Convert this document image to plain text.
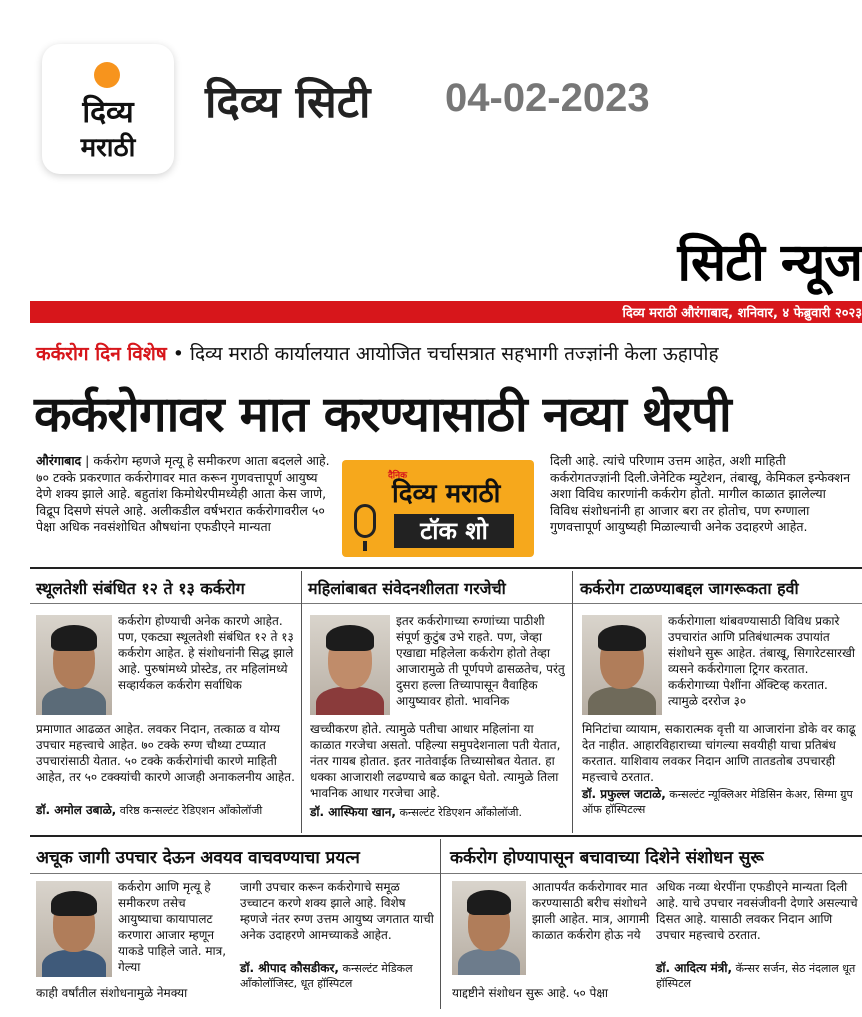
दिव्य
मराठी
दिव्य सिटी 04-02-2023
सिटी न्यूज
दिव्य मराठी औरंगाबाद, शनिवार, ४ फेब्रुवारी २०२३
कर्करोग दिन विशेष • दिव्य मराठी कार्यालयात आयोजित चर्चासत्रात सहभागी तज्ज्ञांनी केला ऊहापोह
कर्करोगावर मात करण्यासाठी नव्या थेरपी
औरंगाबाद | कर्करोग म्हणजे मृत्यू हे समीकरण आता बदलले आहे. ७० टक्के प्रकरणात कर्करोगावर मात करून गुणवत्तापूर्ण आयुष्य देणे शक्य झाले आहे. बहुतांश किमोथेरपीमध्येही आता केस जाणे, विद्रूप दिसणे संपले आहे. अलीकडील वर्षभरात कर्करोगावरील ५० पेक्षा अधिक नवसंशोधित औषधांना एफडीएने मान्यता
दैनिक
दिव्य मराठी
टॉक शो
दिली आहे. त्यांचे परिणाम उत्तम आहेत, अशी माहिती कर्करोगतज्ज्ञांनी दिली.जेनेटिक म्युटेशन, तंबाखू, केमिकल इन्फेक्शन अशा विविध कारणांनी कर्करोग होतो. मागील काळात झालेल्या विविध संशोधनांनी हा आजार बरा तर होतोच, पण रुग्णाला गुणवत्तापूर्ण आयुष्यही मिळाल्याची अनेक उदाहरणे आहेत.
स्थूलतेशी संबंधित १२ ते १३ कर्करोग
कर्करोग होण्याची अनेक कारणे आहेत. पण, एकट्या स्थूलतेशी संबंधित १२ ते १३ कर्करोग आहेत. हे संशोधनांनी सिद्ध झाले आहे. पुरुषांमध्ये प्रोस्टेड, तर महिलांमध्ये सव्हार्यकल कर्करोग सर्वाधिक
प्रमाणात आढळत आहेत. लवकर निदान, तत्काळ व योग्य उपचार महत्त्वाचे आहेत. ७० टक्के रुग्ण चौथ्या टप्प्यात उपचारांसाठी येतात. ५० टक्के कर्करोगांची कारणे माहिती आहेत, तर ५० टक्क्यांची कारणे आजही अनाकलनीय आहेत.
डॉ. अमोल उबाळे, वरिष्ठ कन्सल्टंट रेडिएशन ऑंकोलॉजी
महिलांबाबत संवेदनशीलता गरजेची
इतर कर्करोगाच्या रुग्णांच्या पाठीशी संपूर्ण कुटुंब उभे राहते. पण, जेव्हा एखाद्या महिलेला कर्करोग होतो तेव्हा आजारामुळे ती पूर्णपणे ढासळतेच, परंतु दुसरा हल्ला तिच्यापासून वैवाहिक आयुष्यावर होतो. भावनिक
खच्चीकरण होते. त्यामुळे पतीचा आधार महिलांना या काळात गरजेचा असतो. पहिल्या समुपदेशनाला पती येतात, नंतर गायब होतात. इतर नातेवाईक तिच्यासोबत येतात. हा धक्का आजाराशी लढण्याचे बळ काढून घेतो. त्यामुळे तिला भावनिक आधार गरजेचा आहे.
डॉ. आस्फिया खान, कन्सल्टंट रेडिएशन ऑंकोलॉजी.
कर्करोग टाळण्याबद्दल जागरूकता हवी
कर्करोगाला थांबवण्यासाठी विविध प्रकारे उपचारांत आणि प्रतिबंधात्मक उपायांत संशोधने सुरू आहेत. तंबाखू, सिगारेटसारखी व्यसने कर्करोगाला ट्रिगर करतात. कर्करोगाच्या पेशींना ॲक्टिव्ह करतात. त्यामुळे दररोज ३०
मिनिटांचा व्यायाम, सकारात्मक वृत्ती या आजारांना डोके वर काढू देत नाहीत. आहारविहाराच्या चांगल्या सवयीही याचा प्रतिबंध करतात. याशिवाय लवकर निदान आणि तातडतोब उपचारही महत्त्वाचे ठरतात.
डॉ. प्रफुल्ल जटाळे, कन्सल्टंट न्यूक्लिअर मेडिसिन केअर, सिग्मा ग्रुप ऑफ हॉस्पिटल्स
अचूक जागी उपचार देऊन अवयव वाचवण्याचा प्रयत्न
कर्करोग आणि मृत्यू हे समीकरण तसेच आयुष्याचा कायापालट करणारा आजार म्हणून याकडे पाहिले जाते. मात्र, गेल्या
काही वर्षांतील संशोधनामुळे नेमक्या
जागी उपचार करून कर्करोगाचे समूळ उच्चाटन करणे शक्य झाले आहे. विशेष म्हणजे नंतर रुग्ण उत्तम आयुष्य जगतात याची अनेक उदाहरणे आमच्याकडे आहेत.
डॉ. श्रीपाद कौसडीकर, कन्सल्टंट मेडिकल ऑंकोलॉजिस्ट, धूत हॉस्पिटल
कर्करोग होण्यापासून बचावाच्या दिशेने संशोधन सुरू
आतापर्यंत कर्करोगावर मात करण्यासाठी बरीच संशोधने झाली आहेत. मात्र, आगामी काळात कर्करोग होऊ नये
याद्दष्टीने संशोधन सुरू आहे. ५० पेक्षा
अधिक नव्या थेरपींना एफडीएने मान्यता दिली आहे. याचे उपचार नवसंजीवनी देणारे असल्याचे दिसत आहे. यासाठी लवकर निदान आणि उपचार महत्त्वाचे ठरतात.
डॉ. आदित्य मंत्री, कॅन्सर सर्जन, सेठ नंदलाल धूत हॉस्पिटल
